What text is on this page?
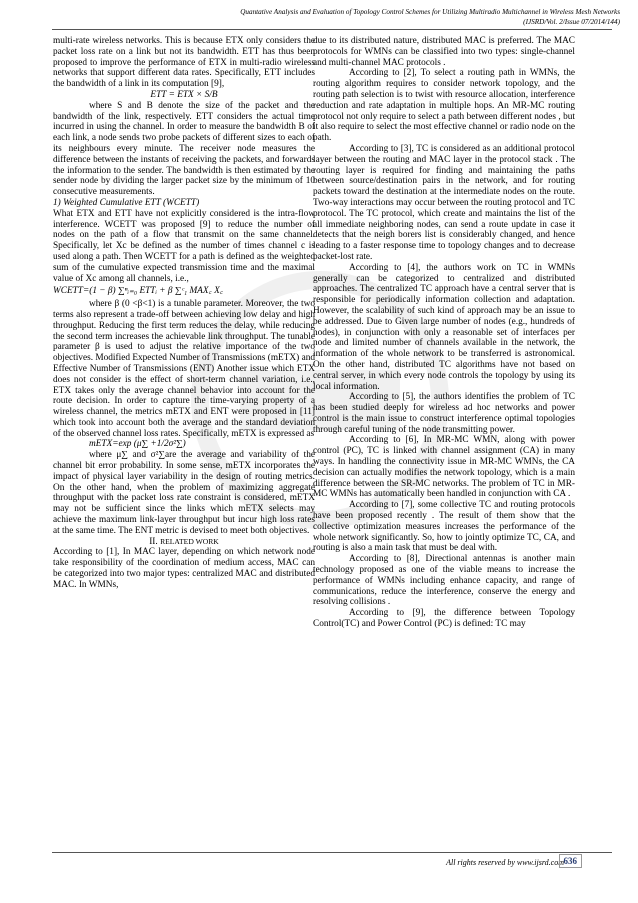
Quantative Analysis and Evaluation of Topology Control Schemes for Utilizing Multiradio Multichannel in Wireless Mesh Networks
(IJSRD/Vol. 2/Issue 07/2014/144)

multi-rate wireless networks. This is because ETX only considers the packet loss rate on a link but not its bandwidth. ETT has thus been proposed to improve the performance of ETX in multi-radio wireless networks that support different data rates. Specifically, ETT includes the bandwidth of a link in its computation [9],

ETT = ETX × S/B

where S and B denote the size of the packet and the bandwidth of the link, respectively. ETT considers the actual time incurred in using the channel. In order to measure the bandwidth B of each link, a node sends two probe packets of different sizes to each of its neighbours every minute. The receiver node measures the difference between the instants of receiving the packets, and forwards the information to the sender. The bandwidth is then estimated by the sender node by dividing the larger packet size by the minimum of 10 consecutive measurements.

1) Weighted Cumulative ETT (WCETT)

What ETX and ETT have not explicitly considered is the intra-flow interference. WCETT was proposed [9] to reduce the number of nodes on the path of a flow that transmit on the same channel. Specifically, let Xc be defined as the number of times channel c is used along a path. Then WCETT for a path is defined as the weighted sum of the cumulative expected transmission time and the maximal value of Xc among all channels, i.e.,

WCETT=(1 − β) ∑ⁿᵢ₌₀ ETTᵢ + β ∑ᶜ₁ MAX꜀ X꜀

where β (0 <β<1) is a tunable parameter. Moreover, the two terms also represent a trade-off between achieving low delay and high throughput. Reducing the first term reduces the delay, while reducing the second term increases the achievable link throughput. The tunable parameter β is used to adjust the relative importance of the two objectives. Modified Expected Number of Transmissions (mETX) and Effective Number of Transmissions (ENT) Another issue which ETX does not consider is the effect of short-term channel variation, i.e., ETX takes only the average channel behavior into account for the route decision. In order to capture the time-varying property of a wireless channel, the metrics mETX and ENT were proposed in [11] which took into account both the average and the standard deviation of the observed channel loss rates. Specifically, mETX is expressed as

mETX=exp (μ∑ +1/2σ²∑)

where μ∑ and σ²∑are the average and variability of the channel bit error probability. In some sense, mETX incorporates the impact of physical layer variability in the design of routing metrics. On the other hand, when the problem of maximizing aggregate throughput with the packet loss rate constraint is considered, mETX may not be sufficient since the links which mETX selects may achieve the maximum link-layer throughput but incur high loss rates at the same time. The ENT metric is devised to meet both objectives.

II. RELATED WORK

According to [1], In MAC layer, depending on which network node take responsibility of the coordination of medium access, MAC can be categorized into two major types: centralized MAC and distributed MAC. In WMNs,

due to its distributed nature, distributed MAC is preferred. The MAC protocols for WMNs can be classified into two types: single-channel and multi-channel MAC protocols .

According to [2], To select a routing path in WMNs, the routing algorithm requires to consider network topology, and the routing path selection is to twist with resource allocation, interference reduction and rate adaptation in multiple hops. An MR-MC routing protocol not only require to select a path between different nodes , but it also require to select the most effective channel or radio node on the path.

According to [3], TC is considered as an additional protocol layer between the routing and MAC layer in the protocol stack . The routing layer is required for finding and maintaining the paths between source/destination pairs in the network, and for routing packets toward the destination at the intermediate nodes on the route. Two-way interactions may occur between the routing protocol and TC protocol. The TC protocol, which create and maintains the list of the all immediate neighboring nodes, can send a route update in case it detects that the neigh borers list is considerably changed, and hence leading to a faster response time to topology changes and to decrease packet-lost rate.

According to [4], the authors work on TC in WMNs generally can be categorized to centralized and distributed approaches. The centralized TC approach have a central server that is responsible for periodically information collection and adaptation. However, the scalability of such kind of approach may be an issue to be addressed. Due to Given large number of nodes (e.g., hundreds of nodes), in conjunction with only a reasonable set of interfaces per node and limited number of channels available in the network, the information of the whole network to be transferred is astronomical. On the other hand, distributed TC algorithms have not based on central server, in which every node controls the topology by using its local information.

According to [5], the authors identifies the problem of TC has been studied deeply for wireless ad hoc networks and power control is the main issue to construct interference optimal topologies through careful tuning of the node transmitting power.

According to [6], In MR-MC WMN, along with power control (PC), TC is linked with channel assignment (CA) in many ways. In handling the connectivity issue in MR-MC WMNs, the CA decision can actually modifies the network topology, which is a main difference between the SR-MC networks. The problem of TC in MR-MC WMNs has automatically been handled in conjunction with CA .

According to [7], some collective TC and routing protocols have been proposed recently . The result of them show that the collective optimization measures increases the performance of the whole network significantly. So, how to jointly optimize TC, CA, and routing is also a main task that must be deal with.

According to [8], Directional antennas is another main technology proposed as one of the viable means to increase the performance of WMNs including enhance capacity, and range of communications, reduce the interference, conserve the energy and resolving collisions .

According to [9], the difference between Topology Control(TC) and Power Control (PC) is defined: TC may

All rights reserved by www.ijsrd.com 636
